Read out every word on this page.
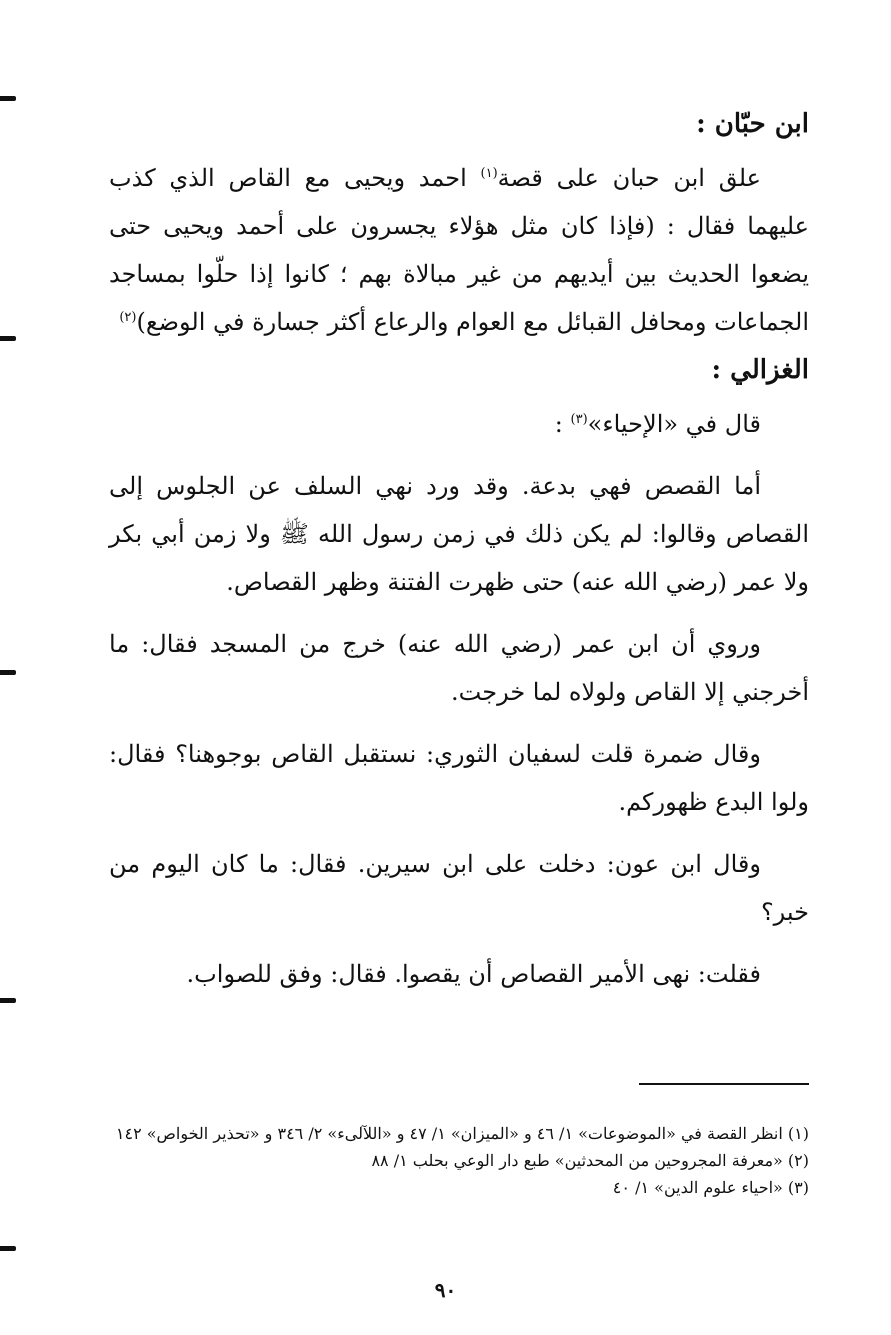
ابن حبّان :

علق ابن حبان على قصة$^{(١)}$ احمد ويحيى مع القاص الذي كذب عليهما فقال : (فإذا كان مثل هؤلاء يجسرون على أحمد ويحيى حتى يضعوا الحديث بين أيديهم من غير مبالاة بهم ؛ كانوا إذا حلّوا بمساجد الجماعات ومحافل القبائل مع العوام والرعاع أكثر جسارة في الوضع)$^{(٢)}$

الغزالي :

قال في «الإحياء»$^{(٣)}$ :

أما القصص فهي بدعة. وقد ورد نهي السلف عن الجلوس إلى القصاص وقالوا: لم يكن ذلك في زمن رسول الله ﷺ ولا زمن أبي بكر ولا عمر (رضي الله عنه) حتى ظهرت الفتنة وظهر القصاص.

وروي أن ابن عمر (رضي الله عنه) خرج من المسجد فقال: ما أخرجني إلا القاص ولولاه لما خرجت.

وقال ضمرة قلت لسفيان الثوري: نستقبل القاص بوجوهنا؟ فقال: ولوا البدع ظهوركم.

وقال ابن عون: دخلت على ابن سيرين. فقال: ما كان اليوم من خبر؟

فقلت: نهى الأمير القصاص أن يقصوا. فقال: وفق للصواب.

(١) انظر القصة في «الموضوعات» ١/ ٤٦ و «الميزان» ١/ ٤٧ و «اللآلىء» ٢/ ٣٤٦ و «تحذير الخواص» ١٤٢

(٢) «معرفة المجروحين من المحدثين» طبع دار الوعي بحلب ١/ ٨٨

(٣) «احياء علوم الدين» ١/ ٤٠

٩٠
